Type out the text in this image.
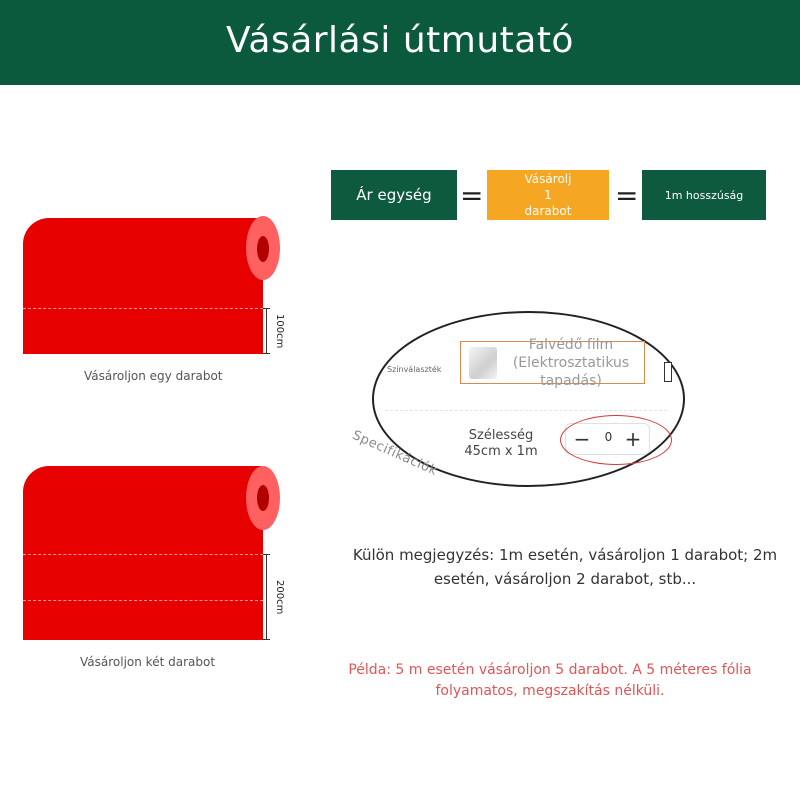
Vásárlási útmutató
Ár egység =	Vásárolj
1
darabot = 1m hosszúság
100cm
Vásároljon egy darabot
200cm
Vásároljon két darabot
Színválaszték
Falvédő film
(Elektrosztatikus
tapadás)
Szélesség
45cm x 1m
−	0 +
Specifikációk
Külön megjegyzés: 1m esetén, vásároljon 1 darabot; 2m esetén, vásároljon 2 darabot, stb...
Példa: 5 m esetén vásároljon 5 darabot. A 5 méteres fólia folyamatos, megszakítás nélküli.
